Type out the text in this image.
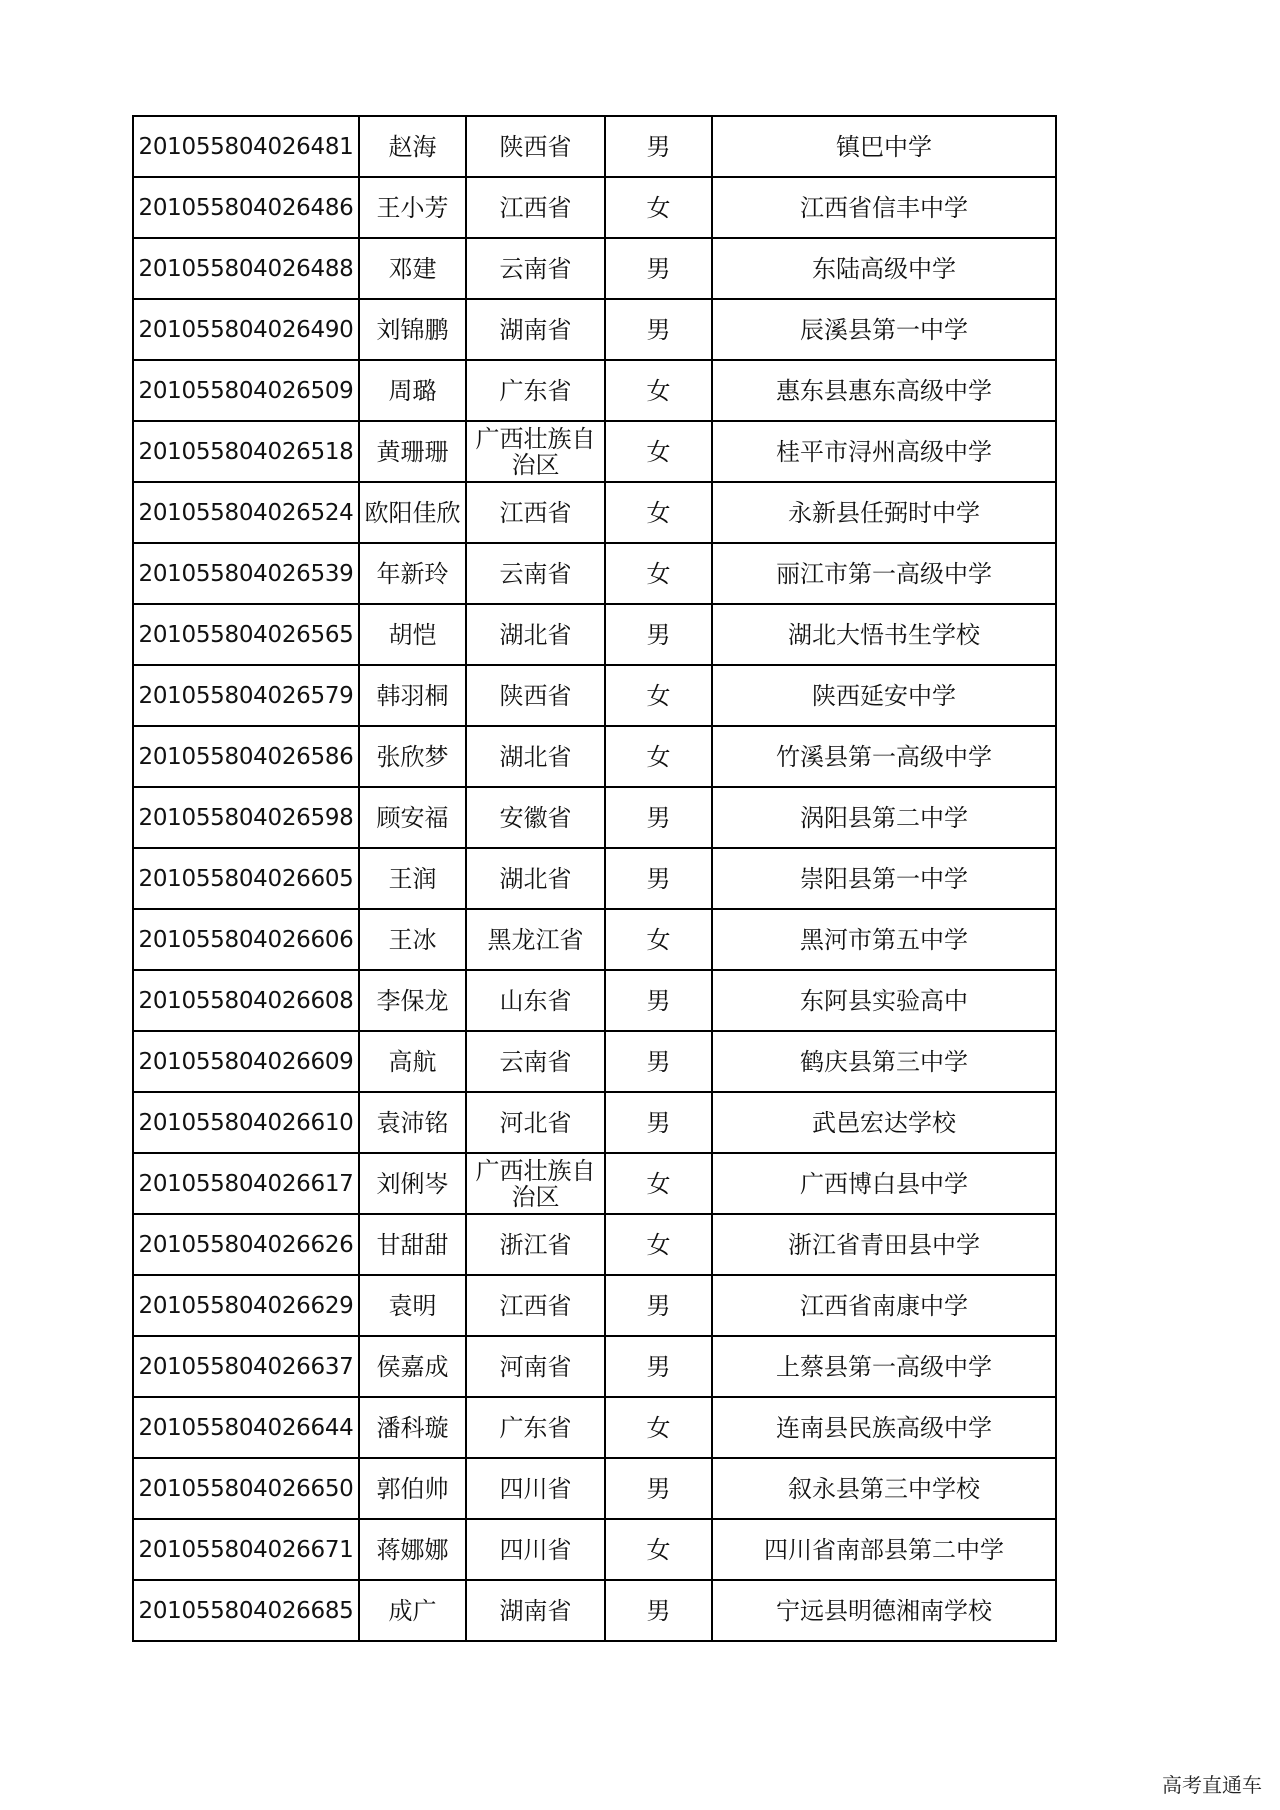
201055804026481	赵海	陕西省	男	镇巴中学
201055804026486	王小芳	江西省	女	江西省信丰中学
201055804026488	邓建	云南省	男	东陆高级中学
201055804026490	刘锦鹏	湖南省	男	辰溪县第一中学
201055804026509	周璐	广东省	女	惠东县惠东高级中学
201055804026518	黄珊珊	广西壮族自治区	女	桂平市浔州高级中学
201055804026524	欧阳佳欣	江西省	女	永新县任弼时中学
201055804026539	年新玲	云南省	女	丽江市第一高级中学
201055804026565	胡恺	湖北省	男	湖北大悟书生学校
201055804026579	韩羽桐	陕西省	女	陕西延安中学
201055804026586	张欣梦	湖北省	女	竹溪县第一高级中学
201055804026598	顾安福	安徽省	男	涡阳县第二中学
201055804026605	王润	湖北省	男	崇阳县第一中学
201055804026606	王冰	黑龙江省	女	黑河市第五中学
201055804026608	李保龙	山东省	男	东阿县实验高中
201055804026609	高航	云南省	男	鹤庆县第三中学
201055804026610	袁沛铭	河北省	男	武邑宏达学校
201055804026617	刘俐岑	广西壮族自治区	女	广西博白县中学
201055804026626	甘甜甜	浙江省	女	浙江省青田县中学
201055804026629	袁明	江西省	男	江西省南康中学
201055804026637	侯嘉成	河南省	男	上蔡县第一高级中学
201055804026644	潘科璇	广东省	女	连南县民族高级中学
201055804026650	郭伯帅	四川省	男	叙永县第三中学校
201055804026671	蒋娜娜	四川省	女	四川省南部县第二中学
201055804026685	成广	湖南省	男	宁远县明德湘南学校
高考直通车
